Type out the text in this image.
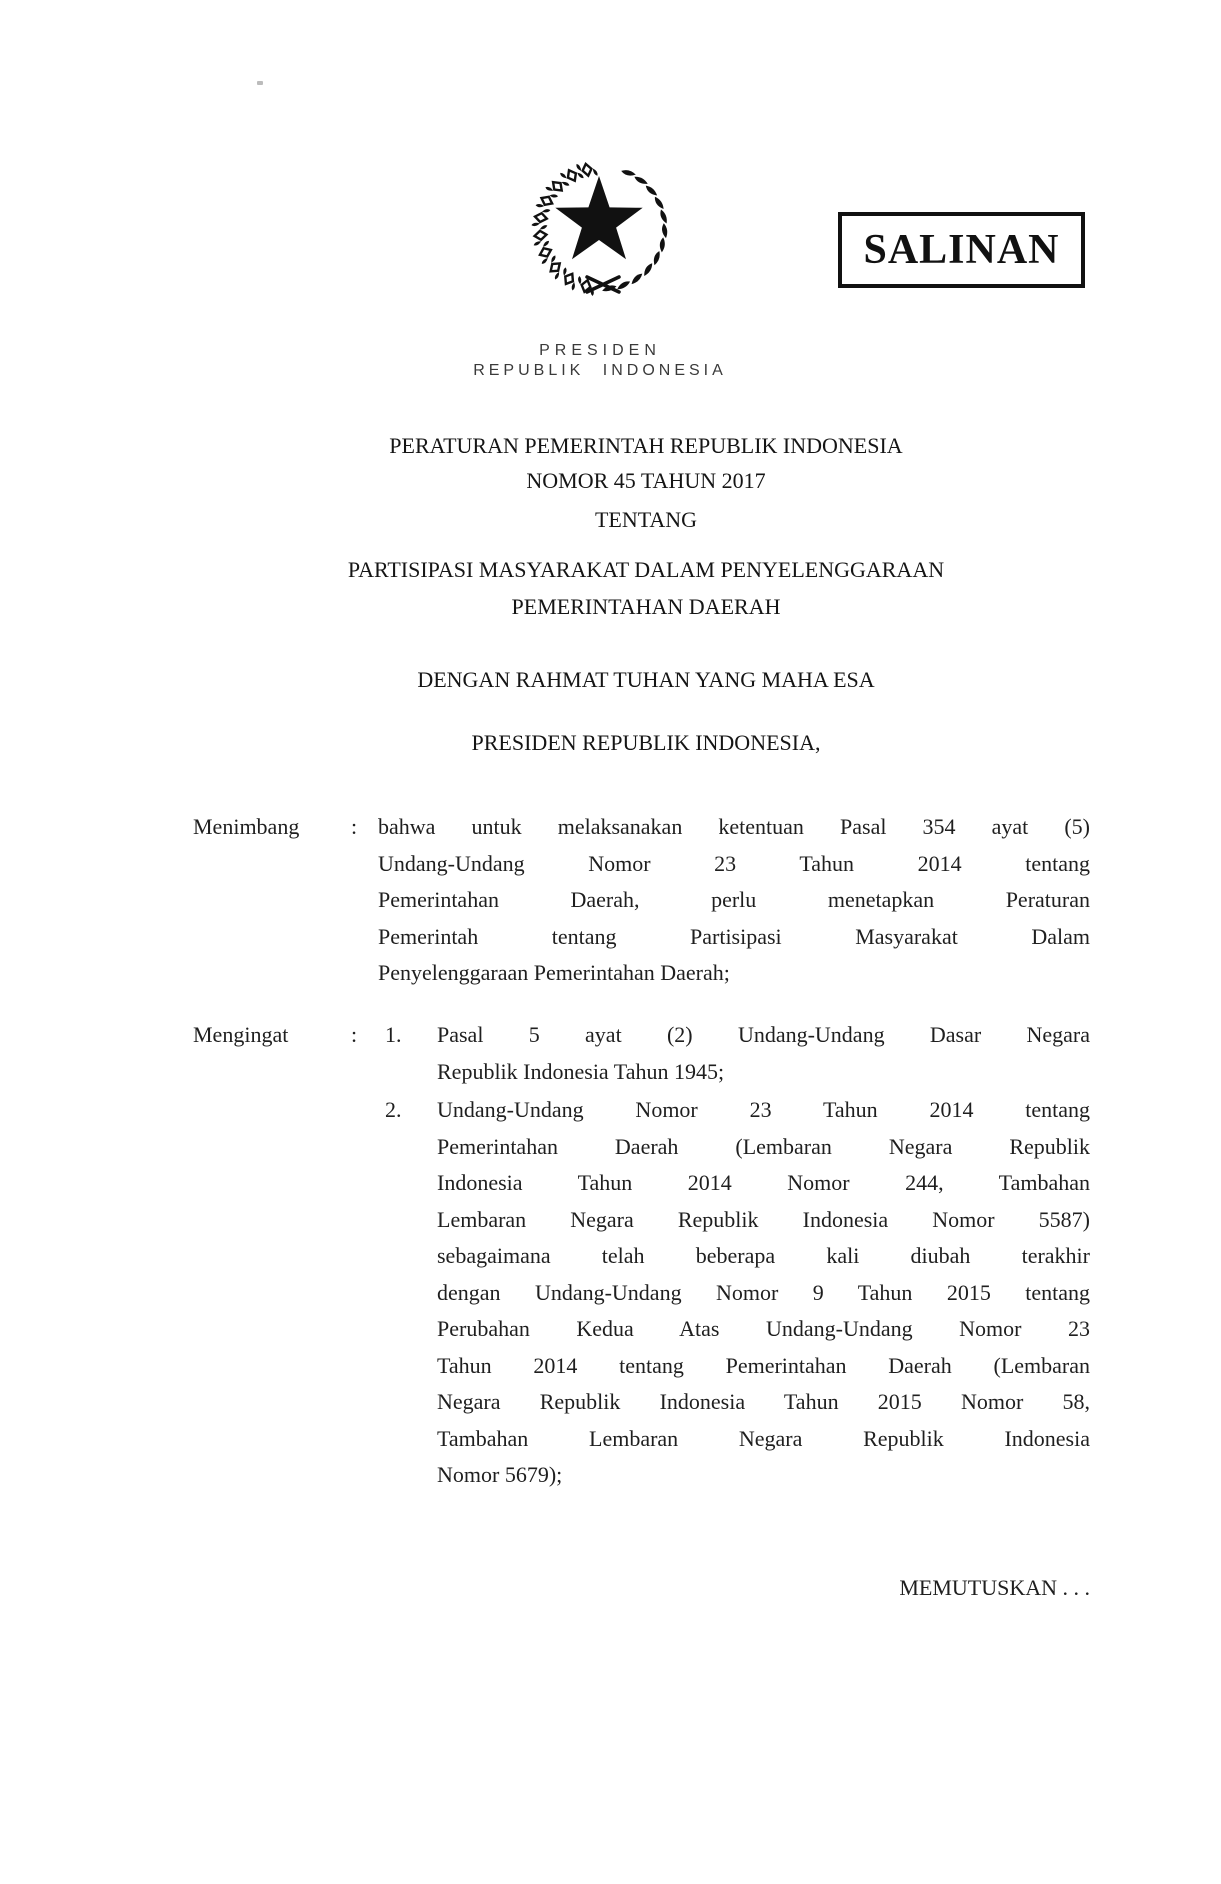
SALINAN
PRESIDEN
REPUBLIK INDONESIA
PERATURAN PEMERINTAH REPUBLIK INDONESIA
NOMOR 45 TAHUN 2017
TENTANG
PARTISIPASI MASYARAKAT DALAM PENYELENGGARAAN
PEMERINTAHAN DAERAH
DENGAN RAHMAT TUHAN YANG MAHA ESA
PRESIDEN REPUBLIK INDONESIA,
Menimbang : bahwa untuk melaksanakan ketentuan Pasal 354 ayat (5)
Undang-Undang Nomor 23 Tahun 2014 tentang
Pemerintahan Daerah, perlu menetapkan Peraturan
Pemerintah tentang Partisipasi Masyarakat Dalam
Penyelenggaraan Pemerintahan Daerah;
Mengingat	: 1. Pasal 5 ayat (2) Undang-Undang Dasar Negara
Republik Indonesia Tahun 1945;
2. Undang-Undang Nomor 23 Tahun 2014 tentang
Pemerintahan Daerah (Lembaran Negara Republik
Indonesia Tahun 2014 Nomor 244, Tambahan
Lembaran Negara Republik Indonesia Nomor 5587)
sebagaimana telah beberapa kali diubah terakhir
dengan Undang-Undang Nomor 9 Tahun 2015 tentang
Perubahan Kedua Atas Undang-Undang Nomor 23
Tahun 2014 tentang Pemerintahan Daerah (Lembaran
Negara Republik Indonesia Tahun 2015 Nomor 58,
Tambahan Lembaran Negara Republik Indonesia
Nomor 5679);
MEMUTUSKAN . . .
